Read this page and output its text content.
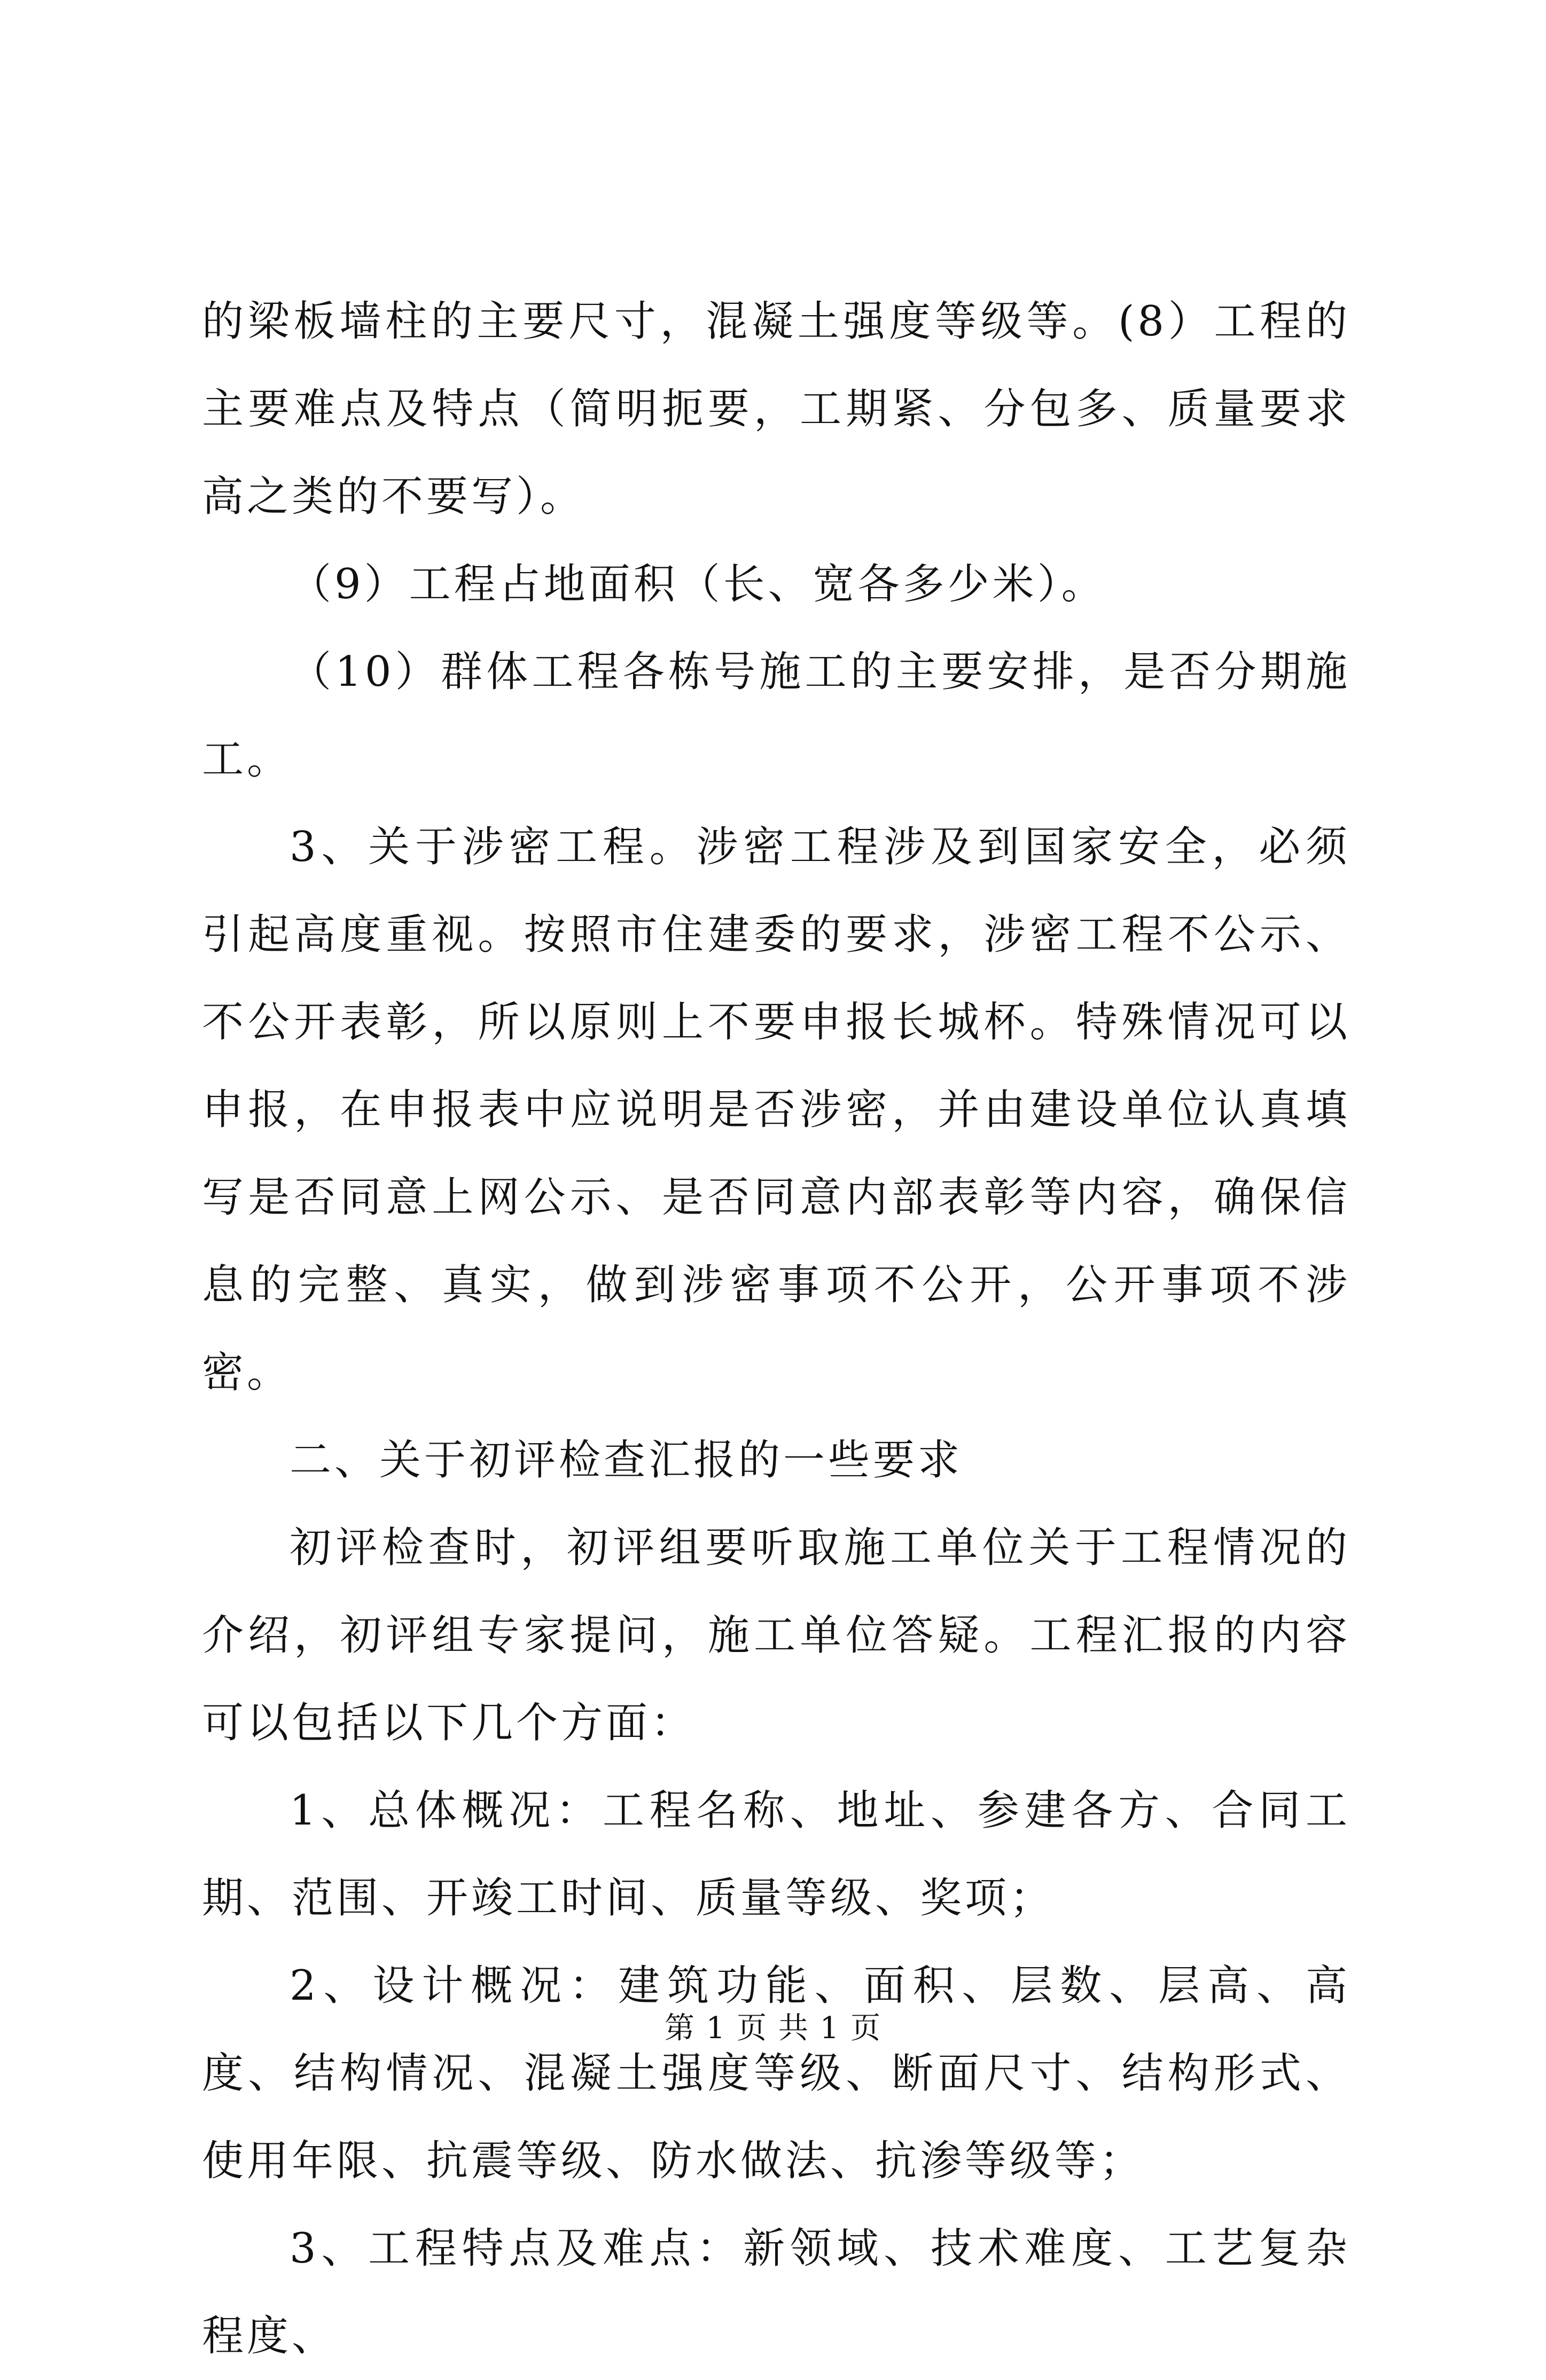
的梁板墙柱的主要尺寸，混凝土强度等级等。(8）工程的主要难点及特点（简明扼要，工期紧、分包多、质量要求高之类的不要写）。

（9）工程占地面积（长、宽各多少米）。

（10）群体工程各栋号施工的主要安排，是否分期施工。

3、关于涉密工程。涉密工程涉及到国家安全，必须引起高度重视。按照市住建委的要求，涉密工程不公示、不公开表彰，所以原则上不要申报长城杯。特殊情况可以申报，在申报表中应说明是否涉密，并由建设单位认真填写是否同意上网公示、是否同意内部表彰等内容，确保信息的完整、真实，做到涉密事项不公开，公开事项不涉密。

二、关于初评检查汇报的一些要求

初评检查时，初评组要听取施工单位关于工程情况的介绍，初评组专家提问，施工单位答疑。工程汇报的内容可以包括以下几个方面：

1、总体概况：工程名称、地址、参建各方、合同工期、范围、开竣工时间、质量等级、奖项；

2、设计概况：建筑功能、面积、层数、层高、高度、结构情况、混凝土强度等级、断面尺寸、结构形式、使用年限、抗震等级、防水做法、抗渗等级等；

3、工程特点及难点：新领域、技术难度、工艺复杂程度、

第 1 页 共 1 页
